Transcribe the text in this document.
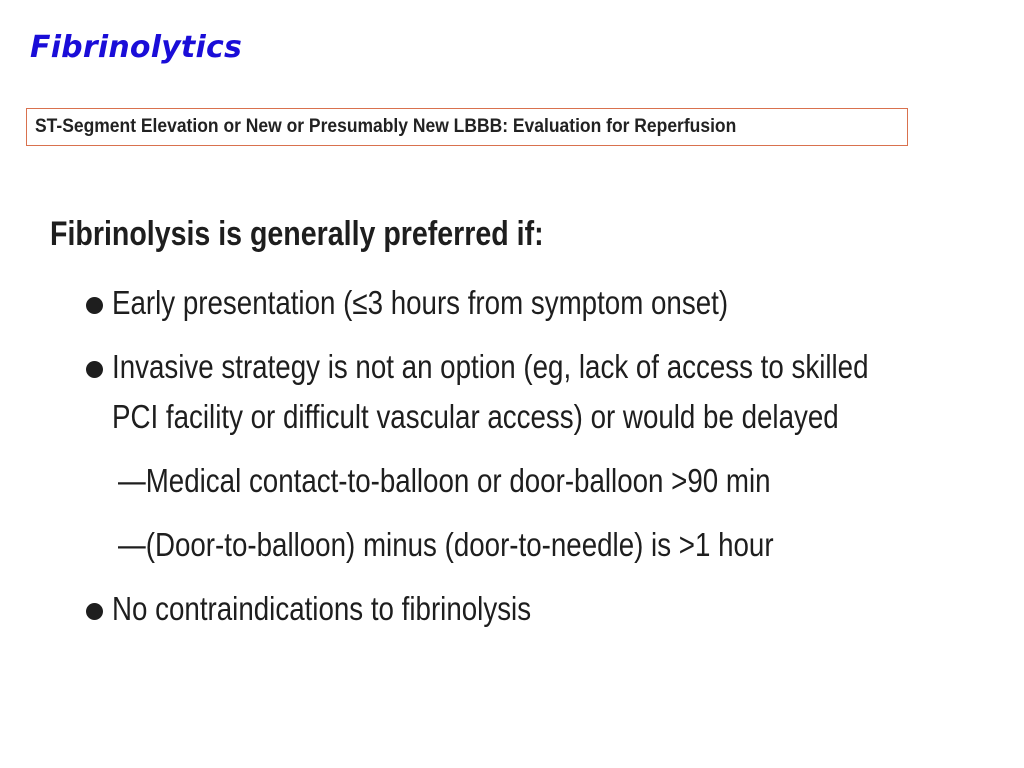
Fibrinolytics
ST-Segment Elevation or New or Presumably New LBBB: Evaluation for Reperfusion
Fibrinolysis is generally preferred if:
Early presentation (≤3 hours from symptom onset)
Invasive strategy is not an option (eg, lack of access to skilled
PCI facility or difficult vascular access) or would be delayed
—Medical contact-to-balloon or door-balloon >90 min
—(Door-to-balloon) minus (door-to-needle) is >1 hour
No contraindications to fibrinolysis
